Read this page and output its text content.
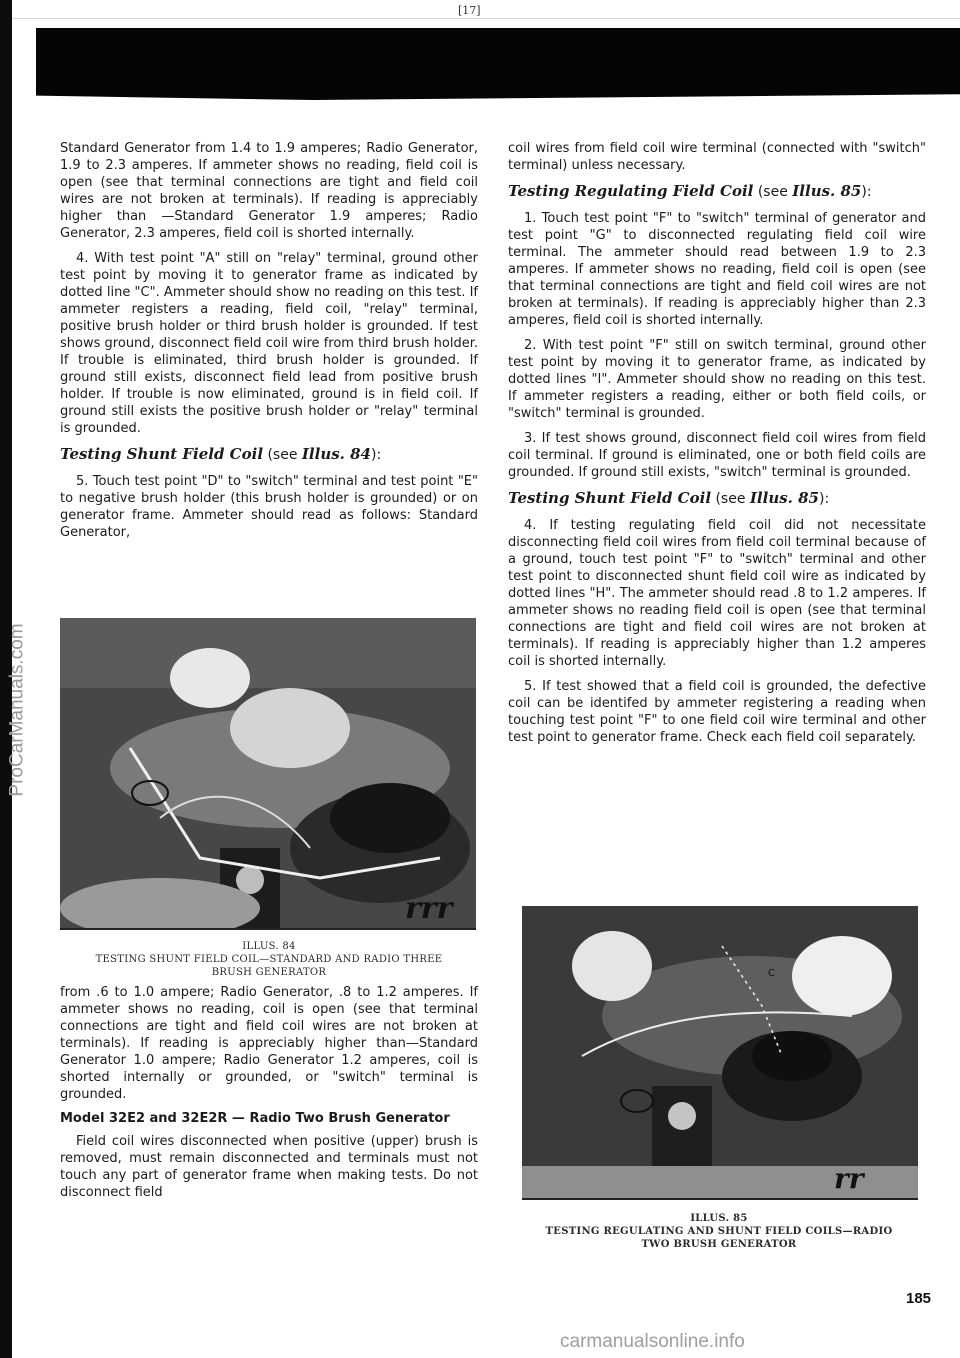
ProCarManuals.com
[17]

Standard Generator from 1.4 to 1.9 amperes; Radio Generator, 1.9 to 2.3 amperes. If ammeter shows no reading, field coil is open (see that terminal connections are tight and field coil wires are not broken at terminals). If reading is appreciably higher than —Standard Generator 1.9 amperes; Radio Generator, 2.3 amperes, field coil is shorted internally.

4. With test point "A" still on "relay" terminal, ground other test point by moving it to generator frame as indicated by dotted line "C". Ammeter should show no reading on this test. If ammeter registers a reading, field coil, "relay" terminal, positive brush holder or third brush holder is grounded. If test shows ground, disconnect field coil wire from third brush holder. If trouble is eliminated, third brush holder is grounded. If ground still exists, disconnect field lead from positive brush holder. If trouble is now eliminated, ground is in field coil. If ground still exists the positive brush holder or "relay" terminal is grounded.

Testing Shunt Field Coil (see Illus. 84):

5. Touch test point "D" to "switch" terminal and test point "E" to negative brush holder (this brush holder is grounded) or on generator frame. Ammeter should read as follows: Standard Generator,

rrr
ILLUS. 84
TESTING SHUNT FIELD COIL—STANDARD AND RADIO THREE
BRUSH GENERATOR

from .6 to 1.0 ampere; Radio Generator, .8 to 1.2 amperes. If ammeter shows no reading, coil is open (see that terminal connections are tight and field coil wires are not broken at terminals). If reading is appreciably higher than—Standard Generator 1.0 ampere; Radio Generator 1.2 amperes, coil is shorted internally or grounded, or "switch" terminal is grounded.

Model 32E2 and 32E2R — Radio Two Brush Generator

Field coil wires disconnected when positive (upper) brush is removed, must remain disconnected and terminals must not touch any part of generator frame when making tests. Do not disconnect field

coil wires from field coil wire terminal (connected with "switch" terminal) unless necessary.

Testing Regulating Field Coil (see Illus. 85):

1. Touch test point "F" to "switch" terminal of generator and test point "G" to disconnected regulating field coil wire terminal. The ammeter should read between 1.9 to 2.3 amperes. If ammeter shows no reading, field coil is open (see that terminal connections are tight and field coil wires are not broken at terminals). If reading is appreciably higher than 2.3 amperes, field coil is shorted internally.

2. With test point "F" still on switch terminal, ground other test point by moving it to generator frame, as indicated by dotted lines "I". Ammeter should show no reading on this test. If ammeter registers a reading, either or both field coils, or "switch" terminal is grounded.

3. If test shows ground, disconnect field coil wires from field coil terminal. If ground is eliminated, one or both field coils are grounded. If ground still exists, "switch" terminal is grounded.

Testing Shunt Field Coil (see Illus. 85):

4. If testing regulating field coil did not necessitate disconnecting field coil wires from field coil terminal because of a ground, touch test point "F" to "switch" terminal and other test point to disconnected shunt field coil wire as indicated by dotted lines "H". The ammeter should read .8 to 1.2 amperes. If ammeter shows no reading field coil is open (see that terminal connections are tight and field coil wires are not broken at terminals). If reading is appreciably higher than 1.2 amperes coil is shorted internally.

5. If test showed that a field coil is grounded, the defective coil can be identifed by ammeter registering a reading when touching test point "F" to one field coil wire terminal and other test point to generator frame. Check each field coil separately.

C
rr
ILLUS. 85
TESTING REGULATING AND SHUNT FIELD COILS—RADIO
TWO BRUSH GENERATOR
185
carmanualsonline.info
